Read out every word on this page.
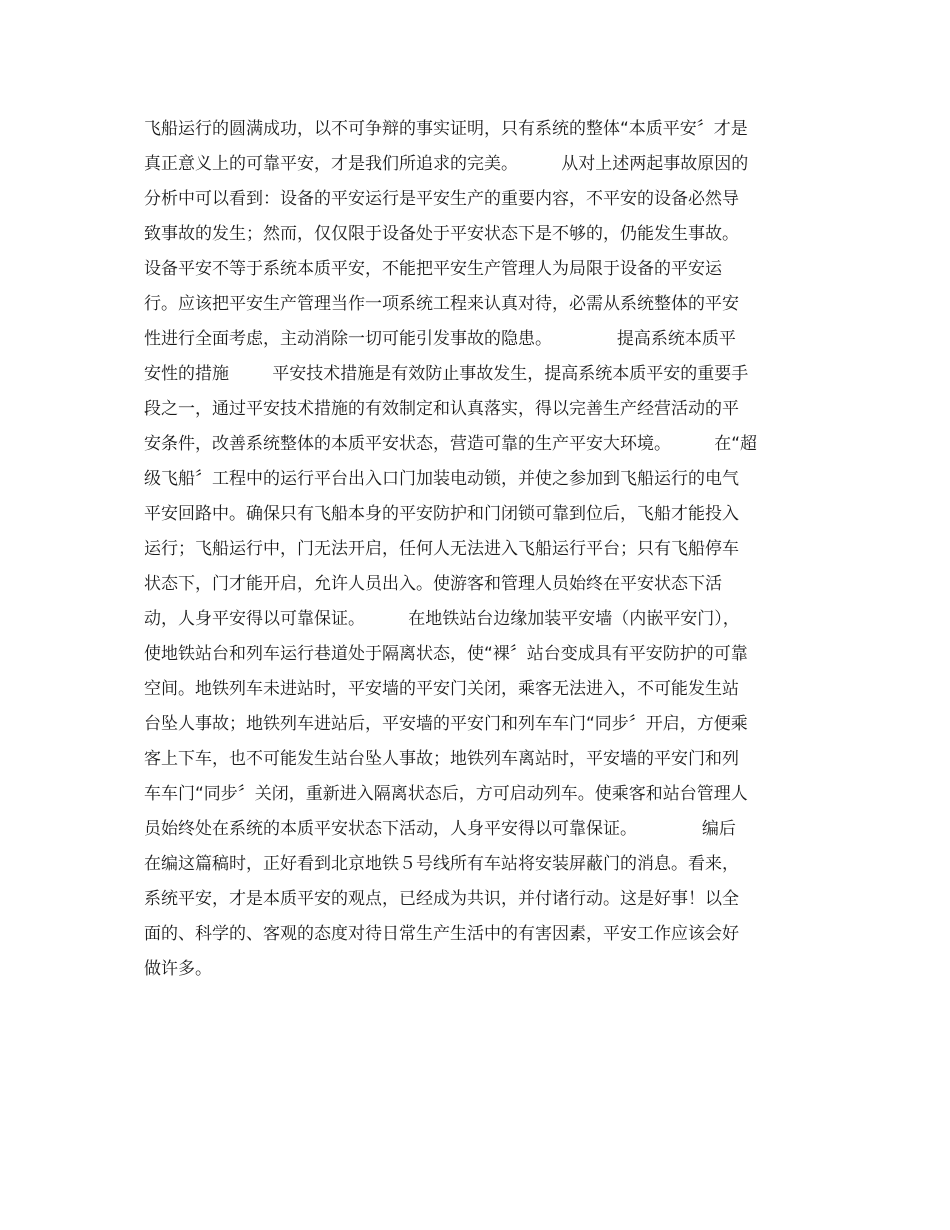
飞船运行的圆满成功，以不可争辩的事实证明，只有系统的整体“本质平安〞才是
真正意义上的可靠平安，才是我们所追求的完美。        从对上述两起事故原因的
分析中可以看到：设备的平安运行是平安生产的重要内容，不平安的设备必然导
致事故的发生；然而，仅仅限于设备处于平安状态下是不够的，仍能发生事故。
设备平安不等于系统本质平安，不能把平安生产管理人为局限于设备的平安运
行。应该把平安生产管理当作一项系统工程来认真对待，必需从系统整体的平安
性进行全面考虑，主动消除一切可能引发事故的隐患。            提高系统本质平
安性的措施        平安技术措施是有效防止事故发生，提高系统本质平安的重要手
段之一，通过平安技术措施的有效制定和认真落实，得以完善生产经营活动的平
安条件，改善系统整体的本质平安状态，营造可靠的生产平安大环境。        在“超
级飞船〞工程中的运行平台出入口门加装电动锁，并使之参加到飞船运行的电气
平安回路中。确保只有飞船本身的平安防护和门闭锁可靠到位后，飞船才能投入
运行；飞船运行中，门无法开启，任何人无法进入飞船运行平台；只有飞船停车
状态下，门才能开启，允许人员出入。使游客和管理人员始终在平安状态下活
动，人身平安得以可靠保证。        在地铁站台边缘加装平安墙（内嵌平安门），
使地铁站台和列车运行巷道处于隔离状态，使“裸〞站台变成具有平安防护的可靠
空间。地铁列车未进站时，平安墙的平安门关闭，乘客无法进入，不可能发生站
台坠人事故；地铁列车进站后，平安墙的平安门和列车车门“同步〞开启，方便乘
客上下车，也不可能发生站台坠人事故；地铁列车离站时，平安墙的平安门和列
车车门“同步〞关闭，重新进入隔离状态后，方可启动列车。使乘客和站台管理人
员始终处在系统的本质平安状态下活动，人身平安得以可靠保证。            编后
在编这篇稿时，正好看到北京地铁５号线所有车站将安装屏蔽门的消息。看来，
系统平安，才是本质平安的观点，已经成为共识，并付诸行动。这是好事！以全
面的、科学的、客观的态度对待日常生产生活中的有害因素，平安工作应该会好
做许多。
